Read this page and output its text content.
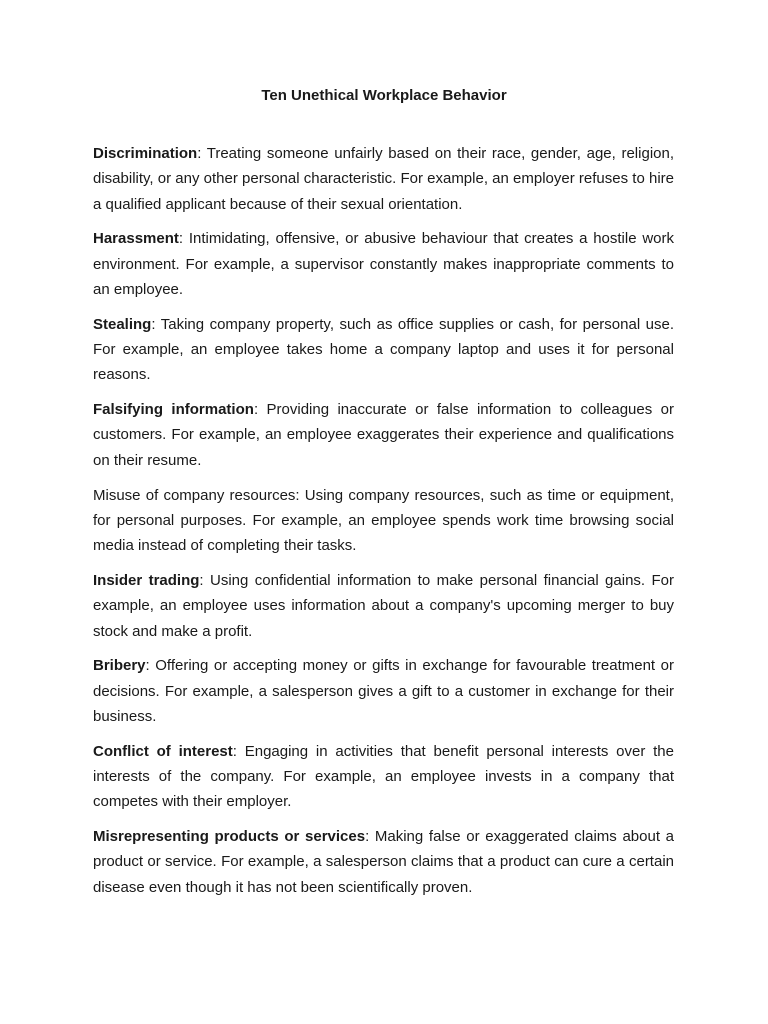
Ten Unethical Workplace Behavior

Discrimination: Treating someone unfairly based on their race, gender, age, religion, disability, or any other personal characteristic. For example, an employer refuses to hire a qualified applicant because of their sexual orientation.

Harassment: Intimidating, offensive, or abusive behaviour that creates a hostile work environment. For example, a supervisor constantly makes inappropriate comments to an employee.

Stealing: Taking company property, such as office supplies or cash, for personal use. For example, an employee takes home a company laptop and uses it for personal reasons.

Falsifying information: Providing inaccurate or false information to colleagues or customers. For example, an employee exaggerates their experience and qualifications on their resume.

Misuse of company resources: Using company resources, such as time or equipment, for personal purposes. For example, an employee spends work time browsing social media instead of completing their tasks.

Insider trading: Using confidential information to make personal financial gains. For example, an employee uses information about a company's upcoming merger to buy stock and make a profit.

Bribery: Offering or accepting money or gifts in exchange for favourable treatment or decisions. For example, a salesperson gives a gift to a customer in exchange for their business.

Conflict of interest: Engaging in activities that benefit personal interests over the interests of the company. For example, an employee invests in a company that competes with their employer.

Misrepresenting products or services: Making false or exaggerated claims about a product or service. For example, a salesperson claims that a product can cure a certain disease even though it has not been scientifically proven.
